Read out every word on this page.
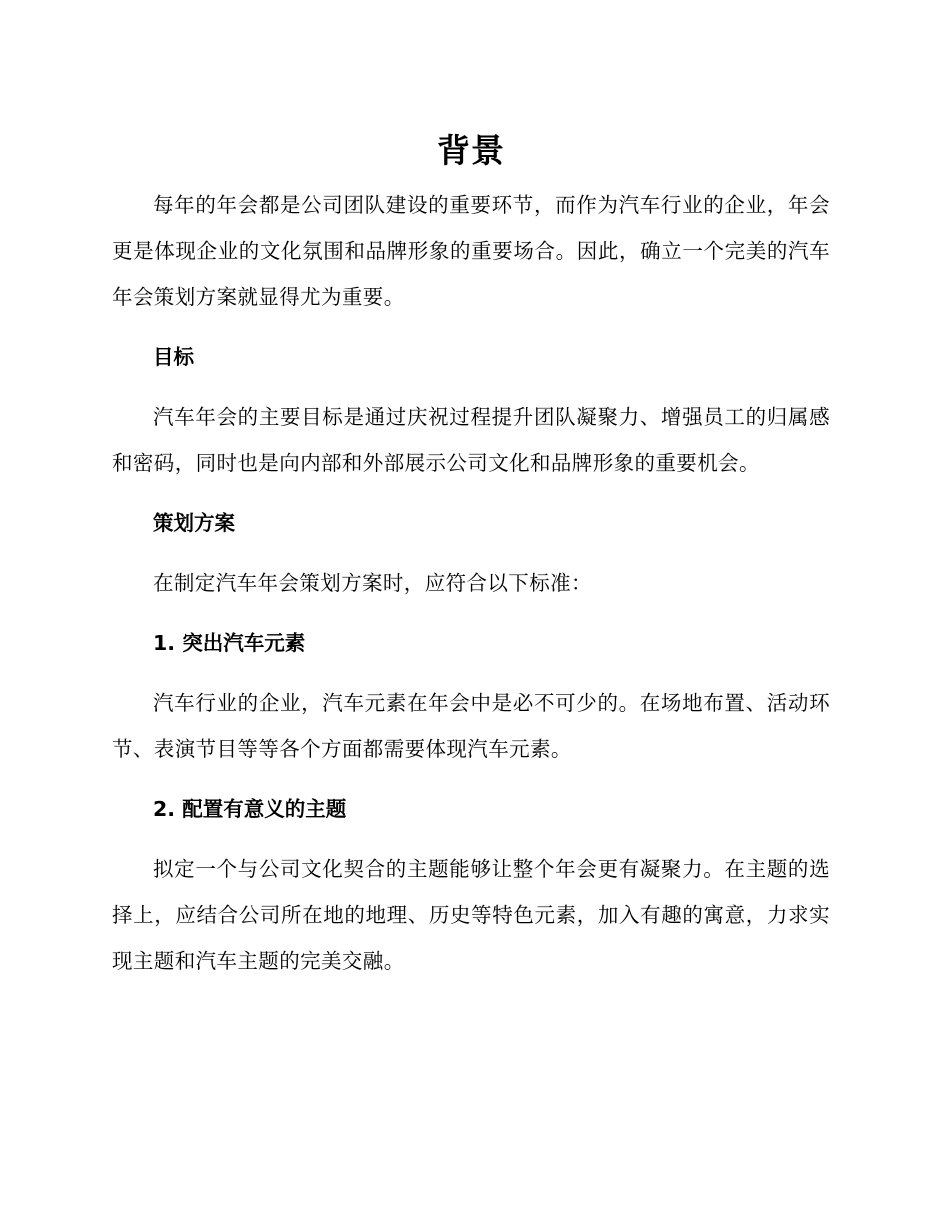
背景

每年的年会都是公司团队建设的重要环节，而作为汽车行业的企业，年会更是体现企业的文化氛围和品牌形象的重要场合。因此，确立一个完美的汽车年会策划方案就显得尤为重要。

目标

汽车年会的主要目标是通过庆祝过程提升团队凝聚力、增强员工的归属感和密码，同时也是向内部和外部展示公司文化和品牌形象的重要机会。

策划方案

在制定汽车年会策划方案时，应符合以下标准：

1. 突出汽车元素

汽车行业的企业，汽车元素在年会中是必不可少的。在场地布置、活动环节、表演节目等等各个方面都需要体现汽车元素。

2. 配置有意义的主题

拟定一个与公司文化契合的主题能够让整个年会更有凝聚力。在主题的选择上，应结合公司所在地的地理、历史等特色元素，加入有趣的寓意，力求实现主题和汽车主题的完美交融。
